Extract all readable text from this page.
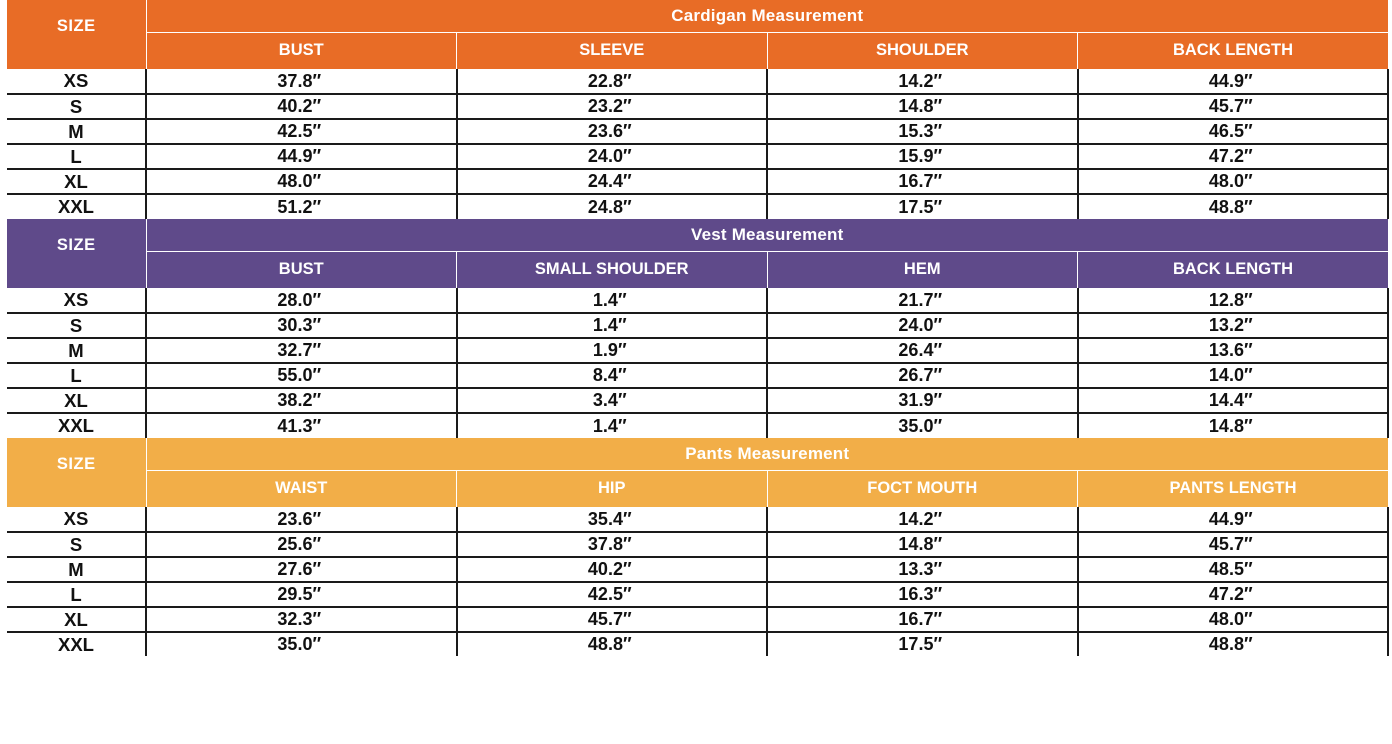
SIZE	Cardigan Measurement			
	BUST	SLEEVE	SHOULDER	BACK LENGTH
XS	37.8″	22.8″	14.2″	44.9″
S	40.2″	23.2″	14.8″	45.7″
M	42.5″	23.6″	15.3″	46.5″
L	44.9″	24.0″	15.9″	47.2″
XL	48.0″	24.4″	16.7″	48.0″
XXL	51.2″	24.8″	17.5″	48.8″
SIZE	Vest Measurement			
	BUST	SMALL SHOULDER	HEM	BACK LENGTH
XS	28.0″	1.4″	21.7″	12.8″
S	30.3″	1.4″	24.0″	13.2″
M	32.7″	1.9″	26.4″	13.6″
L	55.0″	8.4″	26.7″	14.0″
XL	38.2″	3.4″	31.9″	14.4″
XXL	41.3″	1.4″	35.0″	14.8″
SIZE	Pants Measurement			
	WAIST	HIP	FOCT MOUTH	PANTS LENGTH
XS	23.6″	35.4″	14.2″	44.9″
S	25.6″	37.8″	14.8″	45.7″
M	27.6″	40.2″	13.3″	48.5″
L	29.5″	42.5″	16.3″	47.2″
XL	32.3″	45.7″	16.7″	48.0″
XXL	35.0″	48.8″	17.5″	48.8″
